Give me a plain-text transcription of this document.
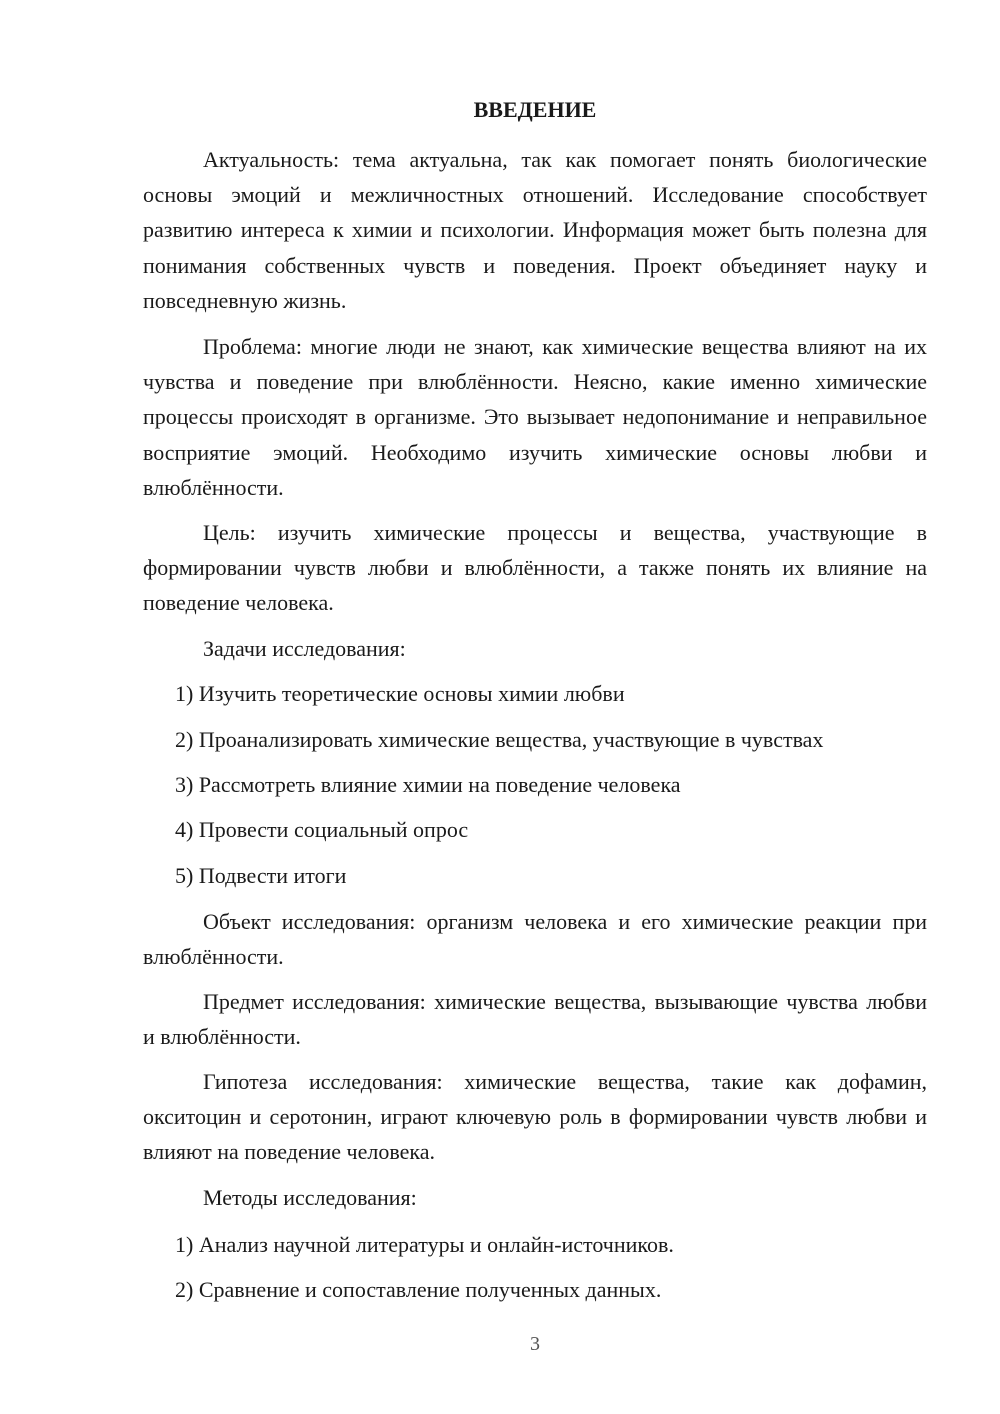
ВВЕДЕНИЕ
Актуальность: тема актуальна, так как помогает понять биологические основы эмоций и межличностных отношений. Исследование способствует развитию интереса к химии и психологии. Информация может быть полезна для понимания собственных чувств и поведения. Проект объединяет науку и повседневную жизнь.
Проблема: многие люди не знают, как химические вещества влияют на их чувства и поведение при влюблённости. Неясно, какие именно химические процессы происходят в организме. Это вызывает недопонимание и неправильное восприятие эмоций. Необходимо изучить химические основы любви и влюблённости.
Цель: изучить химические процессы и вещества, участвующие в формировании чувств любви и влюблённости, а также понять их влияние на поведение человека.
Задачи исследования:
1) Изучить теоретические основы химии любви
2) Проанализировать химические вещества, участвующие в чувствах
3) Рассмотреть влияние химии на поведение человека
4) Провести социальный опрос
5) Подвести итоги
Объект исследования: организм человека и его химические реакции при влюблённости.
Предмет исследования: химические вещества, вызывающие чувства любви и влюблённости.
Гипотеза исследования: химические вещества, такие как дофамин, окситоцин и серотонин, играют ключевую роль в формировании чувств любви и влияют на поведение человека.
Методы исследования:
1) Анализ научной литературы и онлайн-источников.
2) Сравнение и сопоставление полученных данных.
3
